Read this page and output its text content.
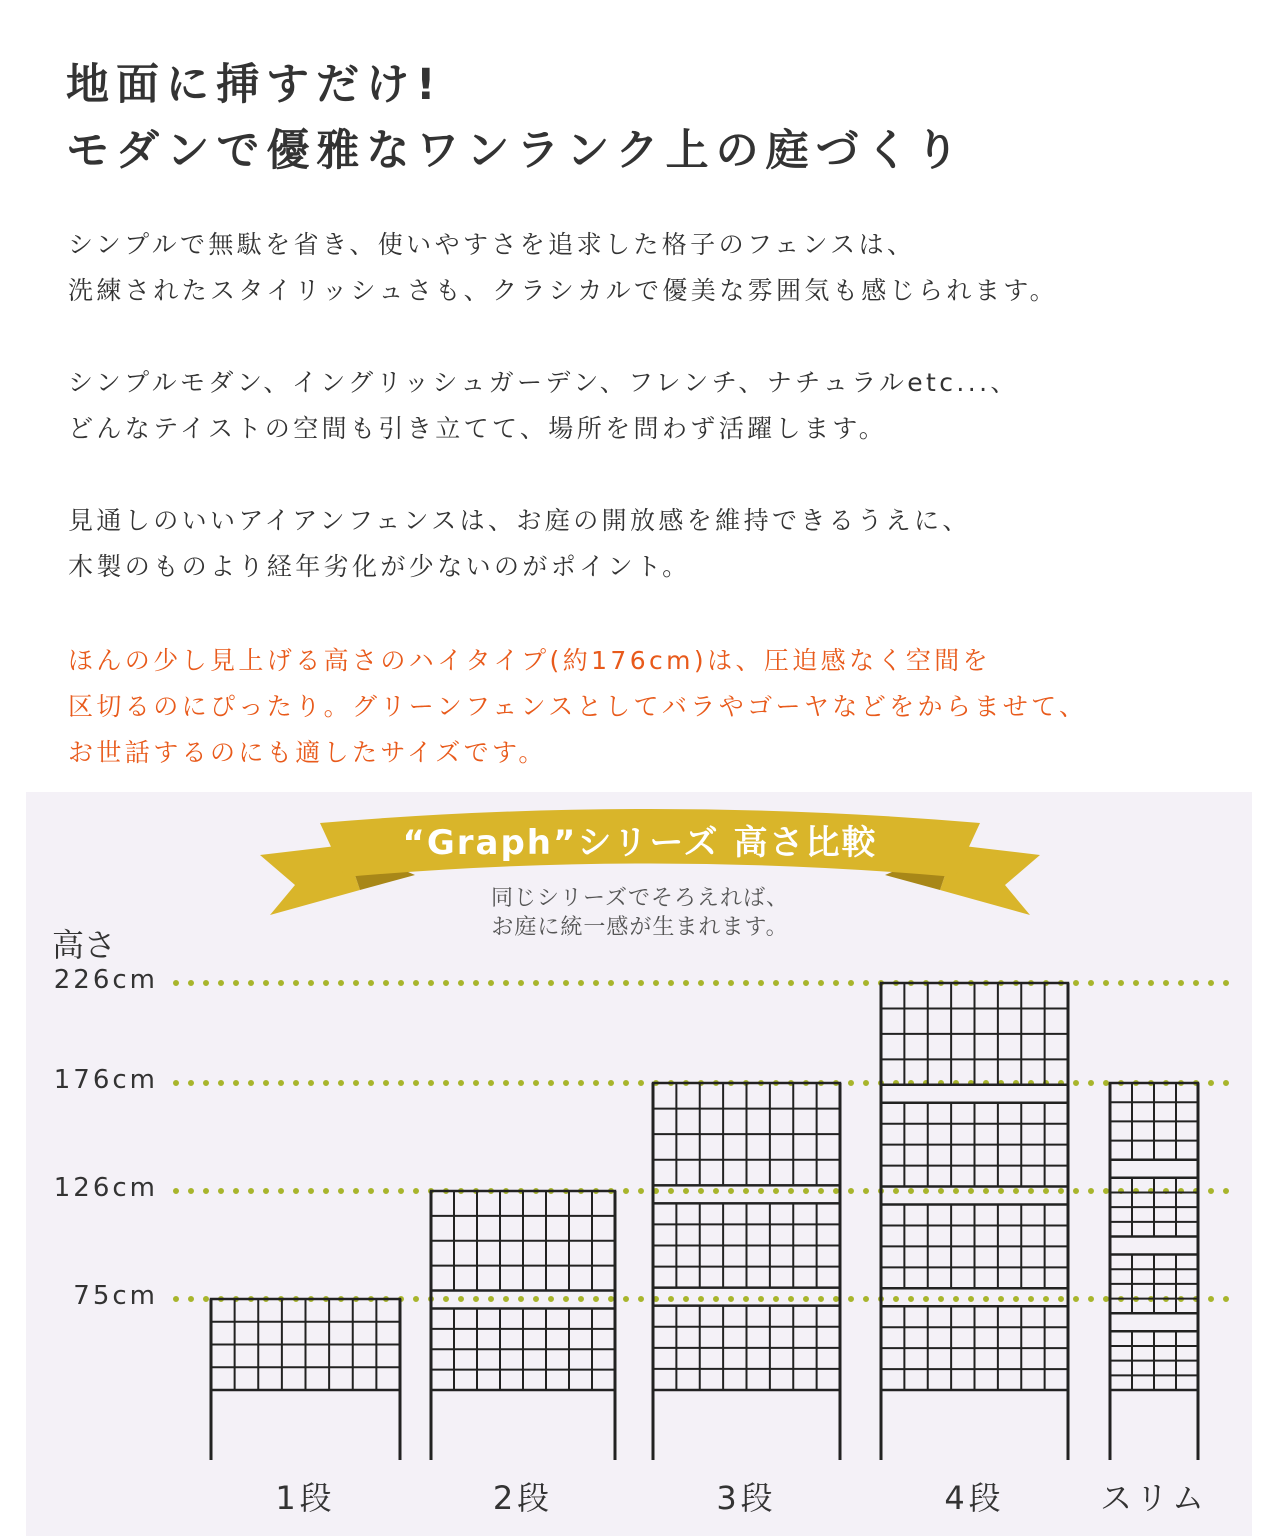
地面に挿すだけ!
モダンで優雅なワンランク上の庭づくり
シンプルで無駄を省き、使いやすさを追求した格子のフェンスは、
洗練されたスタイリッシュさも、クラシカルで優美な雰囲気も感じられます。
シンプルモダン、イングリッシュガーデン、フレンチ、ナチュラルetc...、
どんなテイストの空間も引き立てて、場所を問わず活躍します。
見通しのいいアイアンフェンスは、お庭の開放感を維持できるうえに、
木製のものより経年劣化が少ないのがポイント。
ほんの少し見上げる高さのハイタイプ(約176cm)は、圧迫感なく空間を
区切るのにぴったり。グリーンフェンスとしてバラやゴーヤなどをからませて、
お世話するのにも適したサイズです。
“Graph”シリーズ 高さ比較
同じシリーズでそろえれば、
お庭に統一感が生まれます。
高さ
226cm
176cm
126cm
75cm
1段	2段	3段	4段	スリム
